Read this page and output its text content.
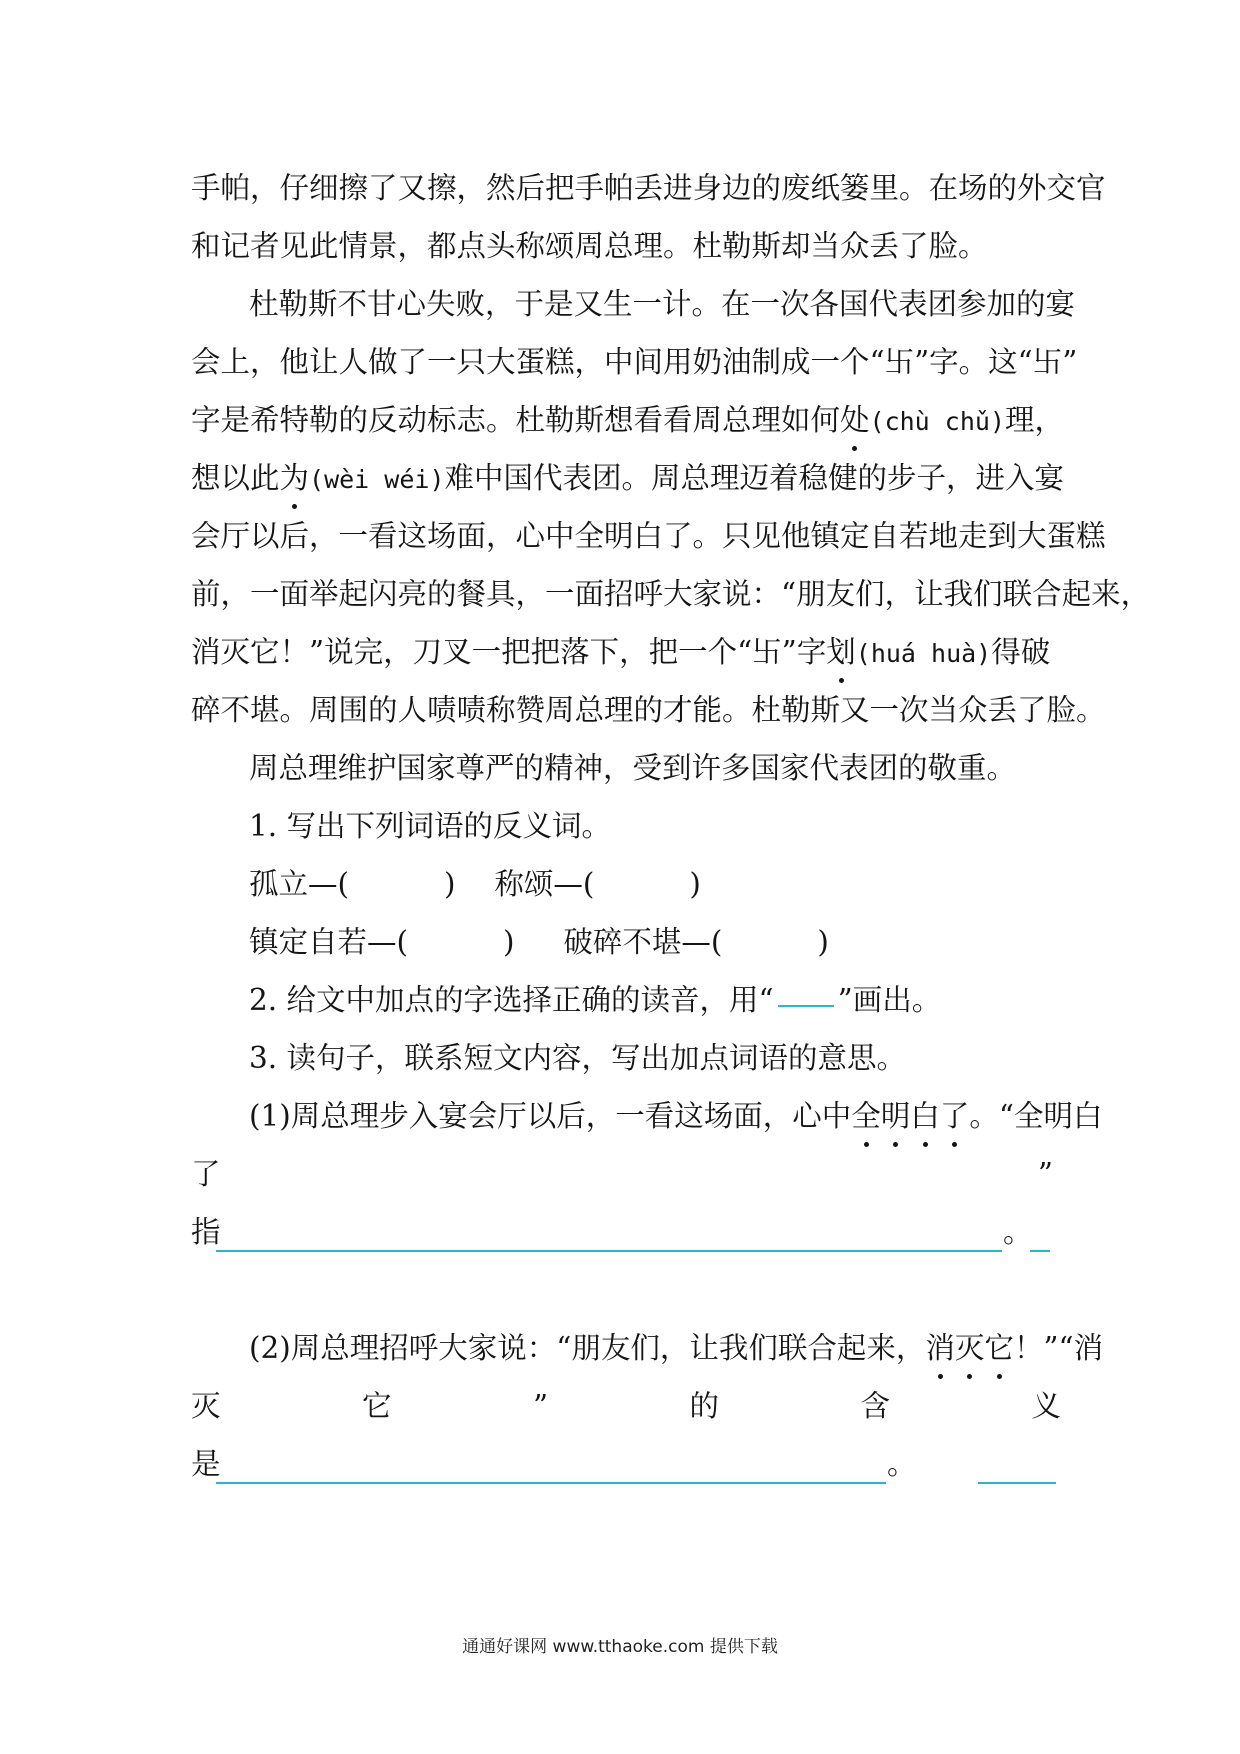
手帕，仔细擦了又擦，然后把手帕丢进身边的废纸篓里。在场的外交官
和记者见此情景，都点头称颂周总理。杜勒斯却当众丢了脸。
杜勒斯不甘心失败，于是又生一计。在一次各国代表团参加的宴
会上，他让人做了一只大蛋糕，中间用奶油制成一个“卐”字。这“卐”
字是希特勒的反动标志。杜勒斯想看看周总理如何处(chù chǔ)理，
想以此为(wèi wéi)难中国代表团。周总理迈着稳健的步子，进入宴
会厅以后，一看这场面，心中全明白了。只见他镇定自若地走到大蛋糕
前，一面举起闪亮的餐具，一面招呼大家说：“朋友们，让我们联合起来，
消灭它！”说完，刀叉一把把落下，把一个“卐”字划(huá huà)得破
碎不堪。周围的人啧啧称赞周总理的才能。杜勒斯又一次当众丢了脸。
周总理维护国家尊严的精神，受到许多国家代表团的敬重。
1. 写出下列词语的反义词。
孤立—(	) 称颂—(	)
镇定自若—(	) 破碎不堪—(	)
2. 给文中加点的字选择正确的读音，用“ ”画出。
3. 读句子，联系短文内容，写出加点词语的意思。
(1)周总理步入宴会厅以后，一看这场面，心中全明白了。“全明白
了	”
指	。
(2)周总理招呼大家说：“朋友们，让我们联合起来，消灭它！”“消
灭	它	”	的	含	义
是	。
通通好课网 www.tthaoke.com 提供下载
